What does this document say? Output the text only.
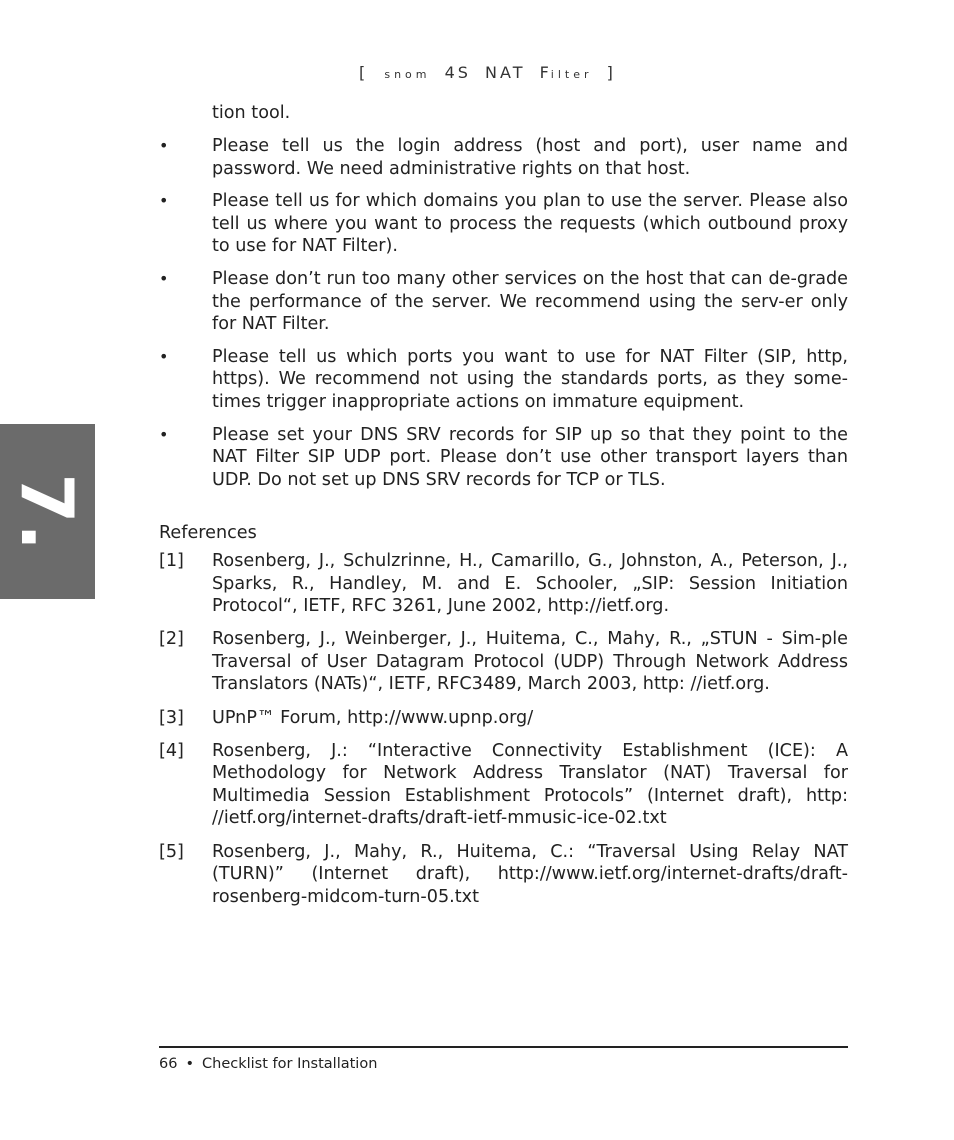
[ snom 4S NAT Filter ]
7.
tion tool.
• Please tell us the login address (host and port), user name and password. We need administrative rights on that host.
• Please tell us for which domains you plan to use the server. Please also tell us where you want to process the requests (which outbound proxy to use for NAT Filter).
• Please don’t run too many other services on the host that can de-grade the performance of the server. We recommend using the serv-er only for NAT Filter.
• Please tell us which ports you want to use for NAT Filter (SIP, http, https). We recommend not using the standards ports, as they some-times trigger inappropriate actions on immature equipment.
• Please set your DNS SRV records for SIP up so that they point to the NAT Filter SIP UDP port. Please don’t use other transport layers than UDP. Do not set up DNS SRV records for TCP or TLS.
References
[1] Rosenberg, J., Schulzrinne, H., Camarillo, G., Johnston, A., Peterson, J., Sparks, R., Handley, M. and E. Schooler, „SIP: Session Initiation Protocol“, IETF, RFC 3261, June 2002, http://ietf.org.
[2] Rosenberg, J., Weinberger, J., Huitema, C., Mahy, R., „STUN - Sim-ple Traversal of User Datagram Protocol (UDP) Through Network Address Translators (NATs)“, IETF, RFC3489, March 2003, http: //ietf.org.
[3] UPnP™ Forum, http://www.upnp.org/
[4] Rosenberg, J.: “Interactive Connectivity Establishment (ICE): A Methodology for Network Address Translator (NAT) Traversal for Multimedia Session Establishment Protocols” (Internet draft), http: //ietf.org/internet-drafts/draft-ietf-mmusic-ice-02.txt
[5] Rosenberg, J., Mahy, R., Huitema, C.: “Traversal Using Relay NAT (TURN)” (Internet draft), http://www.ietf.org/internet-drafts/draft-rosenberg-midcom-turn-05.txt
66 • Checklist for Installation
